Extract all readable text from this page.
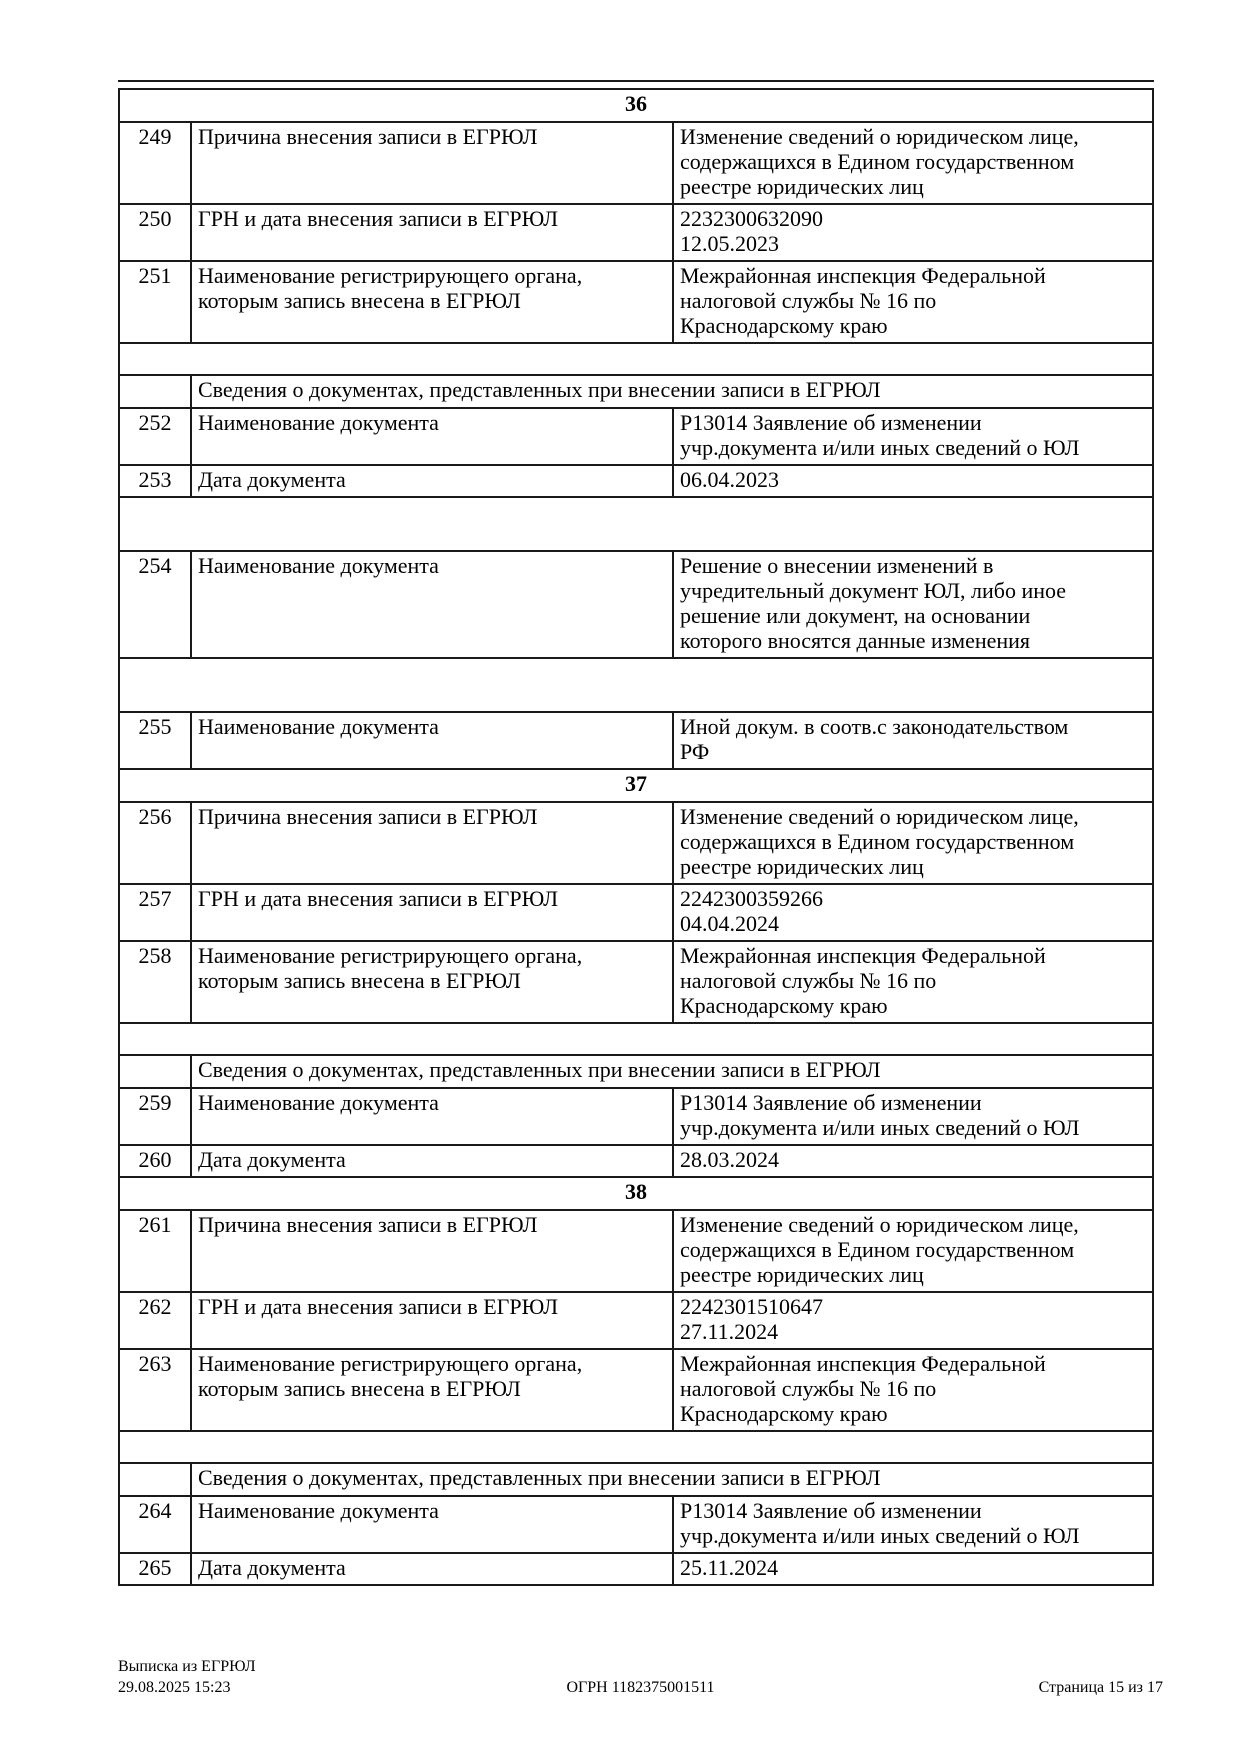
36		
249	Причина внесения записи в ЕГРЮЛ	Изменение сведений о юридическом лице,
содержащихся в Едином государственном
реестре юридических лиц
250	ГРН и дата внесения записи в ЕГРЮЛ	2232300632090
12.05.2023
251	Наименование регистрирующего органа,
которым запись внесена в ЕГРЮЛ	Межрайонная инспекция Федеральной
налоговой службы № 16 по
Краснодарскому краю

	Сведения о документах, представленных при внесении записи в ЕГРЮЛ	
252	Наименование документа	Р13014 Заявление об изменении
учр.документа и/или иных сведений о ЮЛ
253	Дата документа	06.04.2023

254	Наименование документа	Решение о внесении изменений в
учредительный документ ЮЛ, либо иное
решение или документ, на основании
которого вносятся данные изменения

255	Наименование документа	Иной докум. в соотв.с законодательством
РФ
37		
256	Причина внесения записи в ЕГРЮЛ	Изменение сведений о юридическом лице,
содержащихся в Едином государственном
реестре юридических лиц
257	ГРН и дата внесения записи в ЕГРЮЛ	2242300359266
04.04.2024
258	Наименование регистрирующего органа,
которым запись внесена в ЕГРЮЛ	Межрайонная инспекция Федеральной
налоговой службы № 16 по
Краснодарскому краю

	Сведения о документах, представленных при внесении записи в ЕГРЮЛ	
259	Наименование документа	Р13014 Заявление об изменении
учр.документа и/или иных сведений о ЮЛ
260	Дата документа	28.03.2024
38		
261	Причина внесения записи в ЕГРЮЛ	Изменение сведений о юридическом лице,
содержащихся в Едином государственном
реестре юридических лиц
262	ГРН и дата внесения записи в ЕГРЮЛ	2242301510647
27.11.2024
263	Наименование регистрирующего органа,
которым запись внесена в ЕГРЮЛ	Межрайонная инспекция Федеральной
налоговой службы № 16 по
Краснодарскому краю

	Сведения о документах, представленных при внесении записи в ЕГРЮЛ	
264	Наименование документа	Р13014 Заявление об изменении
учр.документа и/или иных сведений о ЮЛ
265	Дата документа	25.11.2024
Выписка из ЕГРЮЛ
29.08.2025 15:23	ОГРН 1182375001511	Страница 15 из 17
